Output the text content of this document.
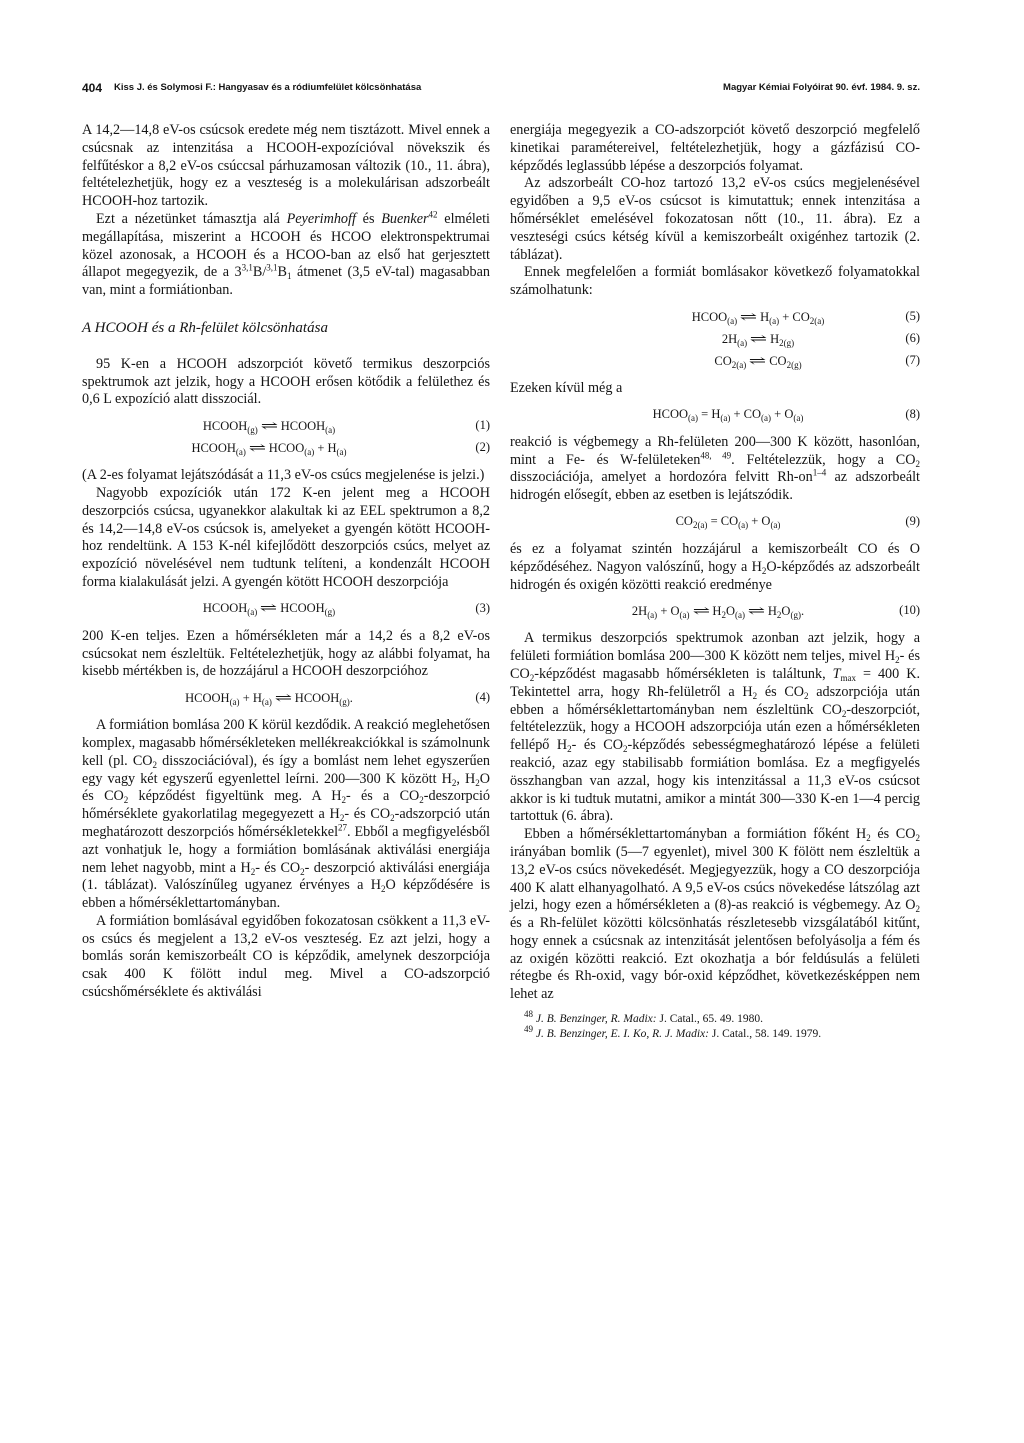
404 Kiss J. és Solymosi F.: Hangyasav és a ródiumfelület kölcsönhatása	Magyar Kémiai Folyóirat 90. évf. 1984. 9. sz.

A 14,2—14,8 eV-os csúcsok eredete még nem tisztázott. Mivel ennek a csúcsnak az intenzitása a HCOOH-expozícióval növekszik és felfűtéskor a 8,2 eV-os csúccsal párhuzamosan változik (10., 11. ábra), feltételezhetjük, hogy ez a veszteség is a molekulárisan adszorbeált HCOOH-hoz tartozik.

Ezt a nézetünket támasztja alá Peyerimhoff és Buenker$^{42}$ elméleti megállapítása, miszerint a HCOOH és HCOO elektronspektrumai közel azonosak, a HCOOH és a HCOO-ban az első hat gerjesztett állapot megegyezik, de a $3^{3,1}B/^{3,1}B_1$ átmenet (3,5 eV-tal) magasabban van, mint a formiátionban.

A HCOOH és a Rh-felület kölcsönhatása

95 K-en a HCOOH adszorpciót követő termikus deszorpciós spektrumok azt jelzik, hogy a HCOOH erősen kötődik a felülethez és 0,6 L expozíció alatt disszociál.

$HCOOH_{(g)}$ ⇌ $HCOOH_{(a)}$	(1)
$HCOOH_{(a)}$ ⇌ $HCOO_{(a)} + H_{(a)}$	(2)

(A 2-es folyamat lejátszódását a 11,3 eV-os csúcs megjelenése is jelzi.)

Nagyobb expozíciók után 172 K-en jelent meg a HCOOH deszorpciós csúcsa, ugyanekkor alakultak ki az EEL spektrumon a 8,2 és 14,2—14,8 eV-os csúcsok is, amelyeket a gyengén kötött HCOOH-hoz rendeltünk. A 153 K-nél kifejlődött deszorpciós csúcs, melyet az expozíció növelésével nem tudtunk telíteni, a kondenzált HCOOH forma kialakulását jelzi. A gyengén kötött HCOOH deszorpciója

$HCOOH_{(a)}$ ⇌ $HCOOH_{(g)}$	(3)

200 K-en teljes. Ezen a hőmérsékleten már a 14,2 és a 8,2 eV-os csúcsokat nem észleltük. Feltételezhetjük, hogy az alábbi folyamat, ha kisebb mértékben is, de hozzájárul a HCOOH deszorpcióhoz

$HCOOH_{(a)} + H_{(a)}$ ⇌ $HCOOH_{(g)}$.	(4)

A formiátion bomlása 200 K körül kezdődik. A reakció meglehetősen komplex, magasabb hőmérsékleteken mellékreakciókkal is számolnunk kell (pl. $CO_2$ disszociációval), és így a bomlást nem lehet egyszerűen egy vagy két egyszerű egyenlettel leírni. 200—300 K között $H_2$, $H_2O$ és $CO_2$ képződést figyeltünk meg. A $H_2-$ és a $CO_2$-deszorpció hőmérséklete gyakorlatilag megegyezett a $H_2-$ és $CO_2$-adszorpció után meghatározott deszorpciós hőmérsékletekkel$^{27}$. Ebből a megfigyelésből azt vonhatjuk le, hogy a formiátion bomlásának aktiválási energiája nem lehet nagyobb, mint a $H_2-$ és $CO_2-$ deszorpció aktiválási energiája (1. táblázat). Valószínűleg ugyanez érvényes a $H_2O$ képződésére is ebben a hőmérséklettartományban.

A formiátion bomlásával egyidőben fokozatosan csökkent a 11,3 eV-os csúcs és megjelent a 13,2 eV-os veszteség. Ez azt jelzi, hogy a bomlás során kemiszorbeált CO is képződik, amelynek deszorpciója csak 400 K fölött indul meg. Mivel a CO-adszorpció csúcshőmérséklete és aktiválási

energiája megegyezik a CO-adszorpciót követő deszorpció megfelelő kinetikai paramétereivel, feltételezhetjük, hogy a gázfázisú CO-képződés leglassúbb lépése a deszorpciós folyamat.

Az adszorbeált CO-hoz tartozó 13,2 eV-os csúcs megjelenésével egyidőben a 9,5 eV-os csúcsot is kimutattuk; ennek intenzitása a hőmérséklet emelésével fokozatosan nőtt (10., 11. ábra). Ez a veszteségi csúcs kétség kívül a kemiszorbeált oxigénhez tartozik (2. táblázat).

Ennek megfelelően a formiát bomlásakor következő folyamatokkal számolhatunk:

$HCOO_{(a)}$ ⇌ $H_{(a)} + CO_{2(a)}$	(5)
$2H_{(a)}$ ⇌ $H_{2(g)}$	(6)
$CO_{2(a)}$ ⇌ $CO_{2(g)}$	(7)

Ezeken kívül még a

$HCOO_{(a)} = H_{(a)} + CO_{(a)} + O_{(a)}$	(8)

reakció is végbemegy a Rh-felületen 200—300 K között, hasonlóan, mint a Fe- és W-felületeken$^{48, 49}$. Feltételezzük, hogy a $CO_2$ disszociációja, amelyet a hordozóra felvitt $Rh-on^{1-4}$ az adszorbeált hidrogén elősegít, ebben az esetben is lejátszódik.

$CO_{2(a)} = CO_{(a)} + O_{(a)}$	(9)

és ez a folyamat szintén hozzájárul a kemiszorbeált CO és O képződéséhez. Nagyon valószínű, hogy a $H_2O$-képződés az adszorbeált hidrogén és oxigén közötti reakció eredménye

$2H_{(a)} + O_{(a)}$ ⇌ $H_2O_{(a)}$ ⇌ $H_2O_{(g)}$.	(10)

A termikus deszorpciós spektrumok azonban azt jelzik, hogy a felületi formiátion bomlása 200—300 K között nem teljes, mivel $H_2-$ és $CO_2$-képződést magasabb hőmérsékleten is találtunk, $T_{max} = 400$ K. Tekintettel arra, hogy Rh-felületről a $H_2$ és $CO_2$ adszorpciója után ebben a hőmérséklettartományban nem észleltünk $CO_2$-deszorpciót, feltételezzük, hogy a HCOOH adszorpciója után ezen a hőmérsékleten fellépő $H_2-$ és $CO_2$-képződés sebességmeghatározó lépése a felületi reakció, azaz egy stabilisabb formiátion bomlása. Ez a megfigyelés összhangban van azzal, hogy kis intenzitással a 11,3 eV-os csúcsot akkor is ki tudtuk mutatni, amikor a mintát 300—330 K-en 1—4 percig tartottuk (6. ábra).

Ebben a hőmérséklettartományban a formiátion főként $H_2$ és $CO_2$ irányában bomlik (5—7 egyenlet), mivel 300 K fölött nem észleltük a 13,2 eV-os csúcs növekedését. Megjegyezzük, hogy a CO deszorpciója 400 K alatt elhanyagolható. A 9,5 eV-os csúcs növekedése látszólag azt jelzi, hogy ezen a hőmérsékleten a (8)-as reakció is végbemegy. Az $O_2$ és a Rh-felület közötti kölcsönhatás részletesebb vizsgálatából kitűnt, hogy ennek a csúcsnak az intenzitását jelentősen befolyásolja a fém és az oxigén közötti reakció. Ezt okozhatja a bór feldúsulás a felületi rétegbe és Rh-oxid, vagy bór-oxid képződhet, következésképpen nem lehet az

$^{48}$ J. B. Benzinger, R. Madix: J. Catal., 65. 49. 1980.

$^{49}$ J. B. Benzinger, E. I. Ko, R. J. Madix: J. Catal., 58. 149. 1979.
